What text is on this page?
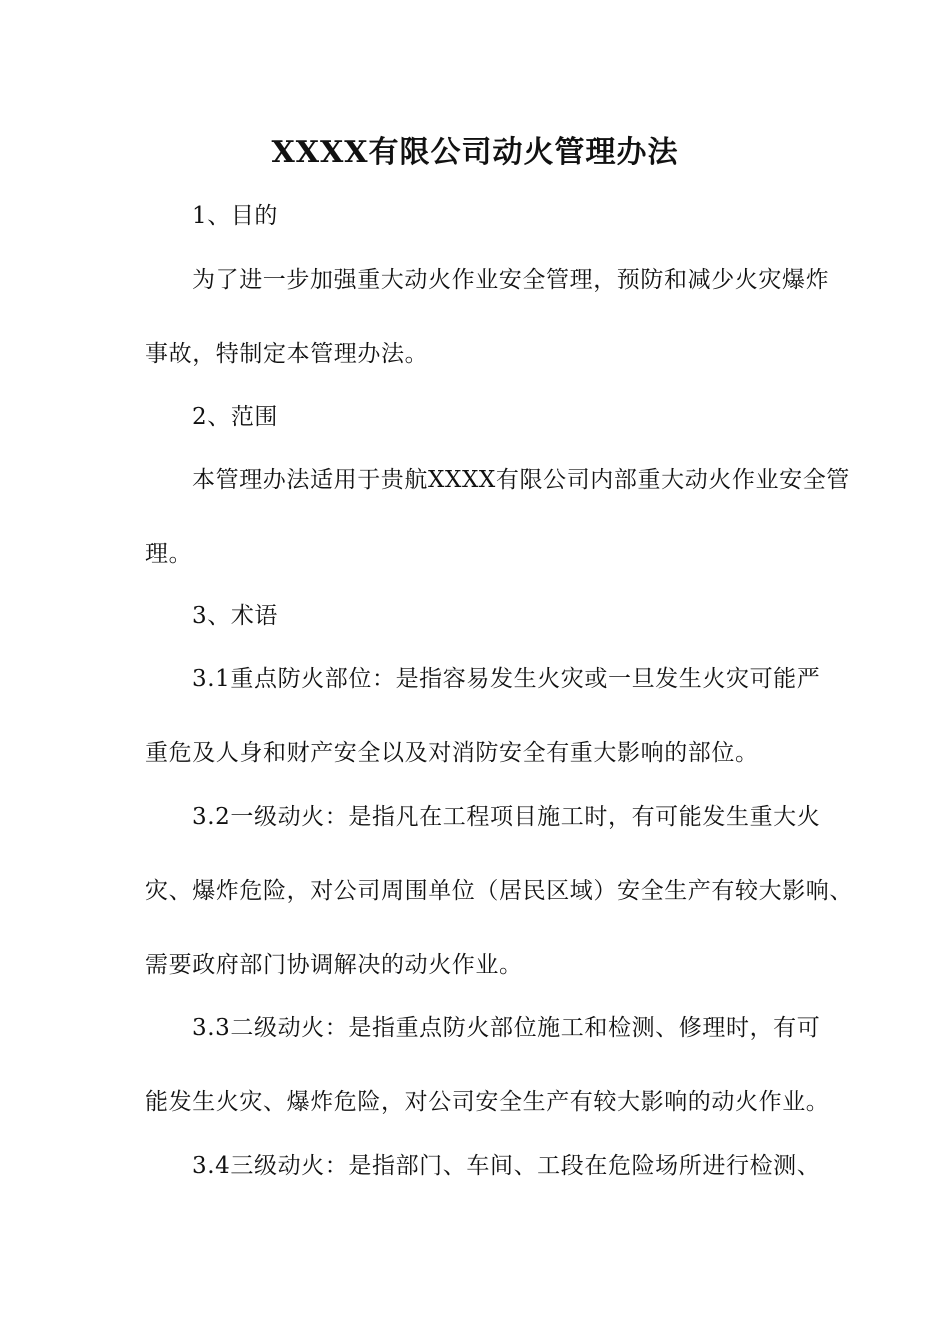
XXXX有限公司动火管理办法
1、目的
为了进一步加强重大动火作业安全管理，预防和减少火灾爆炸
事故，特制定本管理办法。
2、范围
本管理办法适用于贵航XXXX有限公司内部重大动火作业安全管
理。
3、术语
3.1重点防火部位：是指容易发生火灾或一旦发生火灾可能严
重危及人身和财产安全以及对消防安全有重大影响的部位。
3.2一级动火：是指凡在工程项目施工时，有可能发生重大火
灾、爆炸危险，对公司周围单位（居民区域）安全生产有较大影响、
需要政府部门协调解决的动火作业。
3.3二级动火：是指重点防火部位施工和检测、修理时，有可
能发生火灾、爆炸危险，对公司安全生产有较大影响的动火作业。
3.4三级动火：是指部门、车间、工段在危险场所进行检测、
